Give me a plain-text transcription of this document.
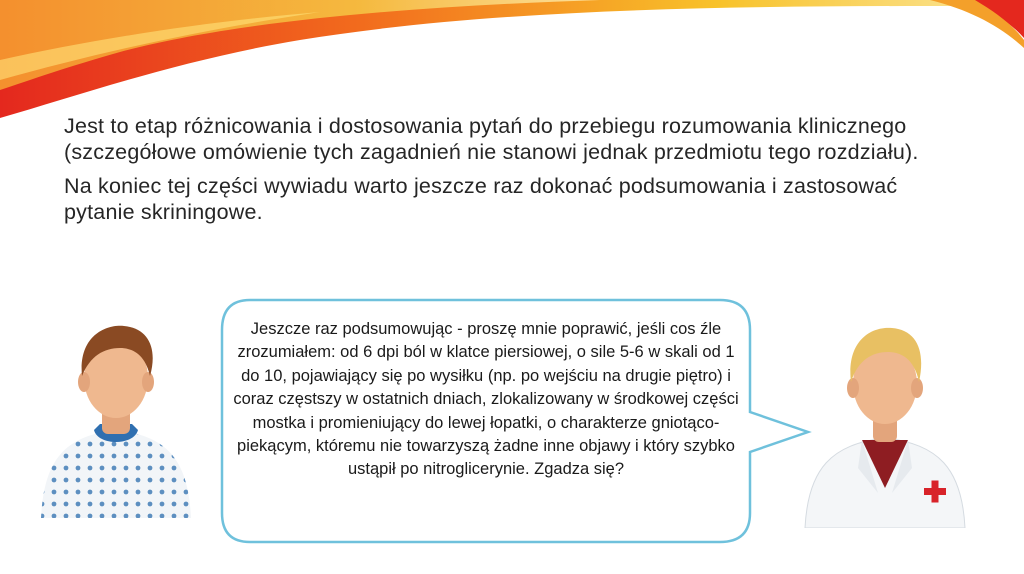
Jest to etap różnicowania i dostosowania pytań do przebiegu rozumowania klinicznego (szczegółowe omówienie tych zagadnień nie stanowi jednak przedmiotu tego rozdziału).

Na koniec tej części wywiadu warto jeszcze raz dokonać podsumowania i zastosować pytanie skriningowe.

Jeszcze raz podsumowując - proszę mnie poprawić, jeśli cos źle zrozumiałem: od 6 dpi ból w klatce piersiowej, o sile 5-6 w skali od 1 do 10, pojawiający się po wysiłku (np. po wejściu na drugie piętro) i coraz częstszy w ostatnich dniach, zlokalizowany w środkowej części mostka i promieniujący do lewej łopatki, o charakterze gniotąco-piekącym, któremu nie towarzyszą żadne inne objawy i który szybko ustąpił po nitroglicerynie. Zgadza się?
